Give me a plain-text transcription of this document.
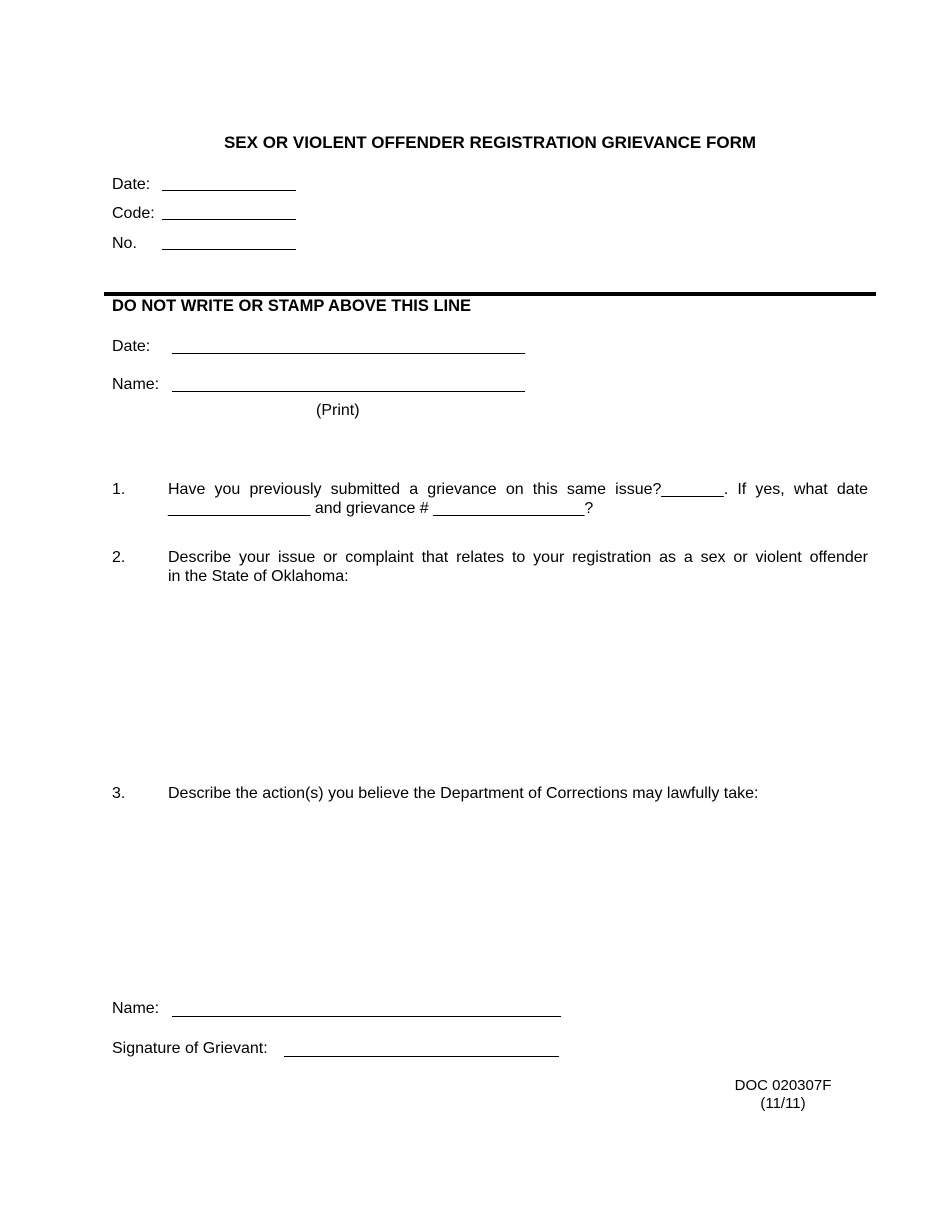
SEX OR VIOLENT OFFENDER REGISTRATION GRIEVANCE FORM
Date:
Code:
No.
DO NOT WRITE OR STAMP ABOVE THIS LINE
Date:
Name:
(Print)
1.	Have you previously submitted a grievance on this same issue?_______. If yes, what date
________________ and grievance # _________________?
2.	Describe your issue or complaint that relates to your registration as a sex or violent offender
in the State of Oklahoma:
3.	Describe the action(s) you believe the Department of Corrections may lawfully take:
Name:
Signature of Grievant:
DOC 020307F
(11/11)
